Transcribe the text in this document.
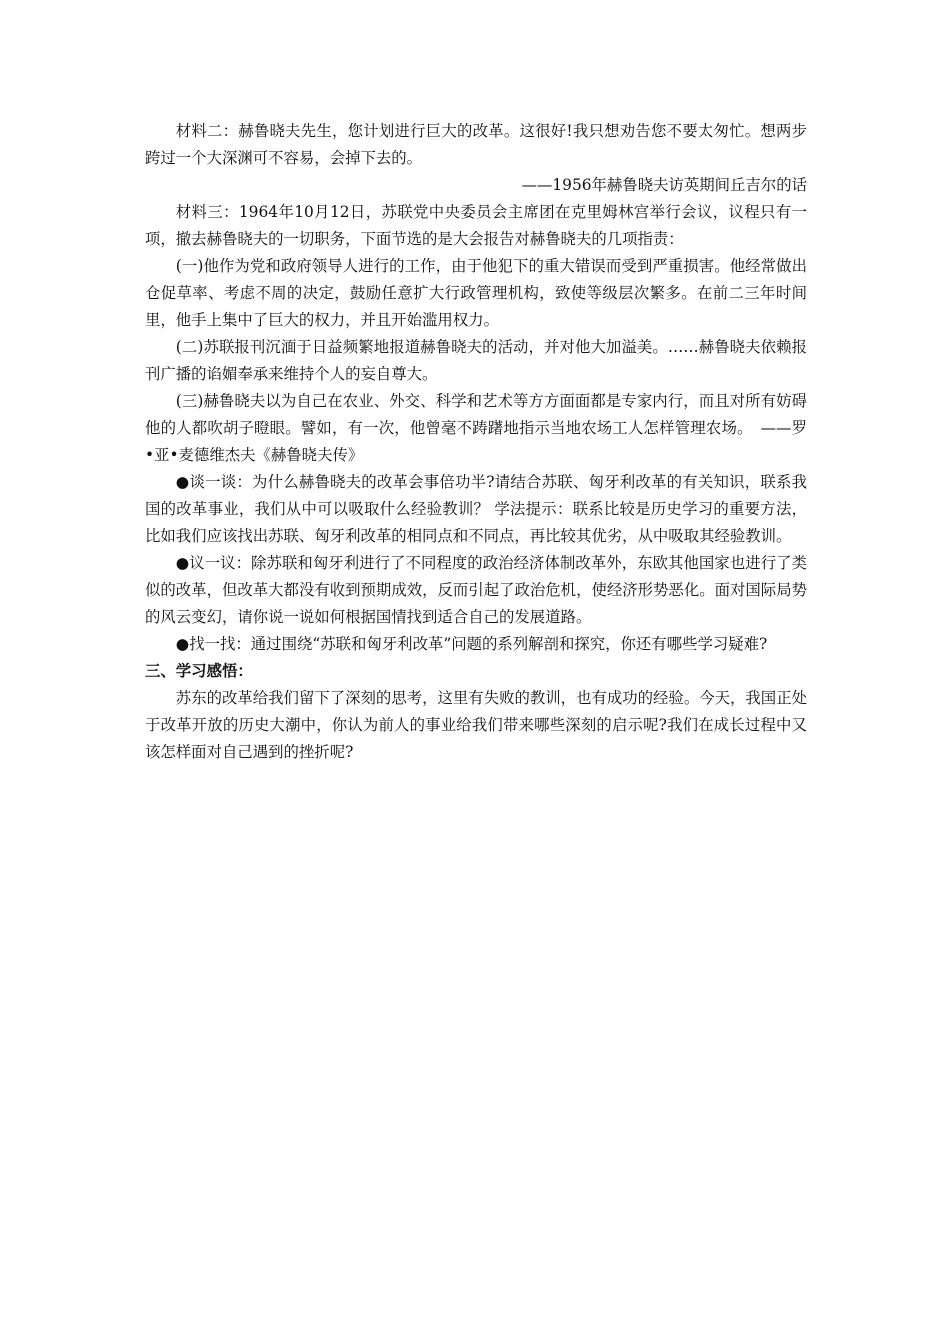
材料二：赫鲁晓夫先生，您计划进行巨大的改革。这很好!我只想劝告您不要太匆忙。想两步跨过一个大深渊可不容易，会掉下去的。

——1956年赫鲁晓夫访英期间丘吉尔的话

材料三：1964年10月12日，苏联党中央委员会主席团在克里姆林宫举行会议，议程只有一项，撤去赫鲁晓夫的一切职务，下面节选的是大会报告对赫鲁晓夫的几项指责：

(一)他作为党和政府领导人进行的工作，由于他犯下的重大错误而受到严重损害。他经常做出仓促草率、考虑不周的决定，鼓励任意扩大行政管理机构，致使等级层次繁多。在前二三年时间里，他手上集中了巨大的权力，并且开始滥用权力。

(二)苏联报刊沉湎于日益频繁地报道赫鲁晓夫的活动，并对他大加溢美。……赫鲁晓夫依赖报刊广播的谄媚奉承来维持个人的妄自尊大。

(三)赫鲁晓夫以为自己在农业、外交、科学和艺术等方方面面都是专家内行，而且对所有妨碍他的人都吹胡子瞪眼。譬如，有一次，他曾毫不踌躇地指示当地农场工人怎样管理农场。 ——罗•亚•麦德维杰夫《赫鲁晓夫传》

●谈一谈：为什么赫鲁晓夫的改革会事倍功半?请结合苏联、匈牙利改革的有关知识，联系我国的改革事业，我们从中可以吸取什么经验教训？ 学法提示：联系比较是历史学习的重要方法，比如我们应该找出苏联、匈牙利改革的相同点和不同点，再比较其优劣，从中吸取其经验教训。

●议一议：除苏联和匈牙利进行了不同程度的政治经济体制改革外，东欧其他国家也进行了类似的改革，但改革大都没有收到预期成效，反而引起了政治危机，使经济形势恶化。面对国际局势的风云变幻，请你说一说如何根据国情找到适合自己的发展道路。

●找一找：通过围绕“苏联和匈牙利改革”问题的系列解剖和探究，你还有哪些学习疑难?

三、学习感悟：

苏东的改革给我们留下了深刻的思考，这里有失败的教训，也有成功的经验。今天，我国正处于改革开放的历史大潮中，你认为前人的事业给我们带来哪些深刻的启示呢?我们在成长过程中又该怎样面对自己遇到的挫折呢?
